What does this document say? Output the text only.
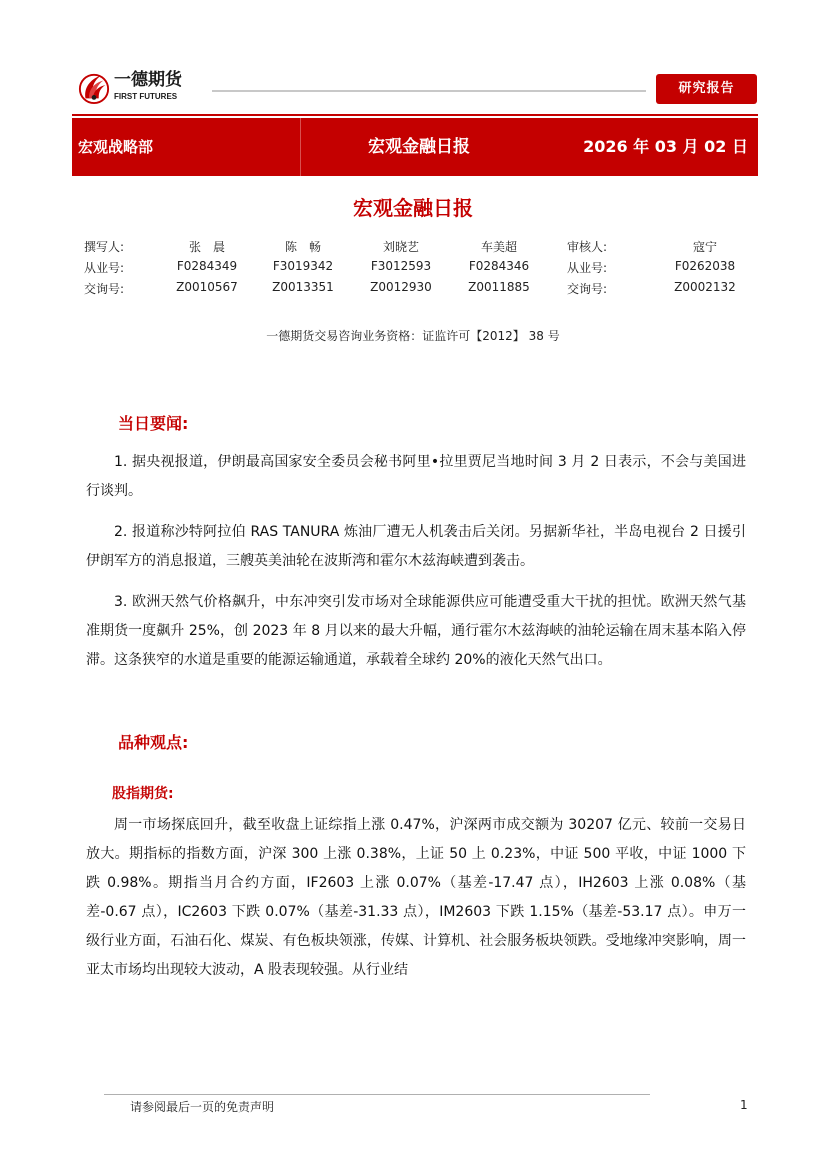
一德期货
FIRST FUTURES
研究报告
宏观战略部	宏观金融日报	2026 年 03 月 02 日
宏观金融日报
撰写人:	张　晨	陈　畅	刘晓艺	车美超	审核人:	寇宁
从业号:	F0284349	F3019342	F3012593	F0284346	从业号:	F0262038
交询号:	Z0010567	Z0013351	Z0012930	Z0011885	交询号:	Z0002132
一德期货交易咨询业务资格：证监许可【2012】 38 号
当日要闻:

1. 据央视报道，伊朗最高国家安全委员会秘书阿里•拉里贾尼当地时间 3 月 2 日表示，不会与美国进行谈判。

2. 报道称沙特阿拉伯 RAS TANURA 炼油厂遭无人机袭击后关闭。另据新华社，半岛电视台 2 日援引伊朗军方的消息报道，三艘英美油轮在波斯湾和霍尔木兹海峡遭到袭击。

3. 欧洲天然气价格飙升，中东冲突引发市场对全球能源供应可能遭受重大干扰的担忧。欧洲天然气基准期货一度飙升 25%，创 2023 年 8 月以来的最大升幅，通行霍尔木兹海峡的油轮运输在周末基本陷入停滞。这条狭窄的水道是重要的能源运输通道，承载着全球约 20%的液化天然气出口。

品种观点:
股指期货:

周一市场探底回升，截至收盘上证综指上涨 0.47%，沪深两市成交额为 30207 亿元、较前一交易日放大。期指标的指数方面，沪深 300 上涨 0.38%，上证 50 上 0.23%，中证 500 平收，中证 1000 下跌 0.98%。期指当月合约方面，IF2603 上涨 0.07%（基差-17.47 点），IH2603 上涨 0.08%（基差-0.67 点），IC2603 下跌 0.07%（基差-31.33 点），IM2603 下跌 1.15%（基差-53.17 点）。申万一级行业方面，石油石化、煤炭、有色板块领涨，传媒、计算机、社会服务板块领跌。受地缘冲突影响，周一亚太市场均出现较大波动，A 股表现较强。从行业结

请参阅最后一页的免责声明	1
